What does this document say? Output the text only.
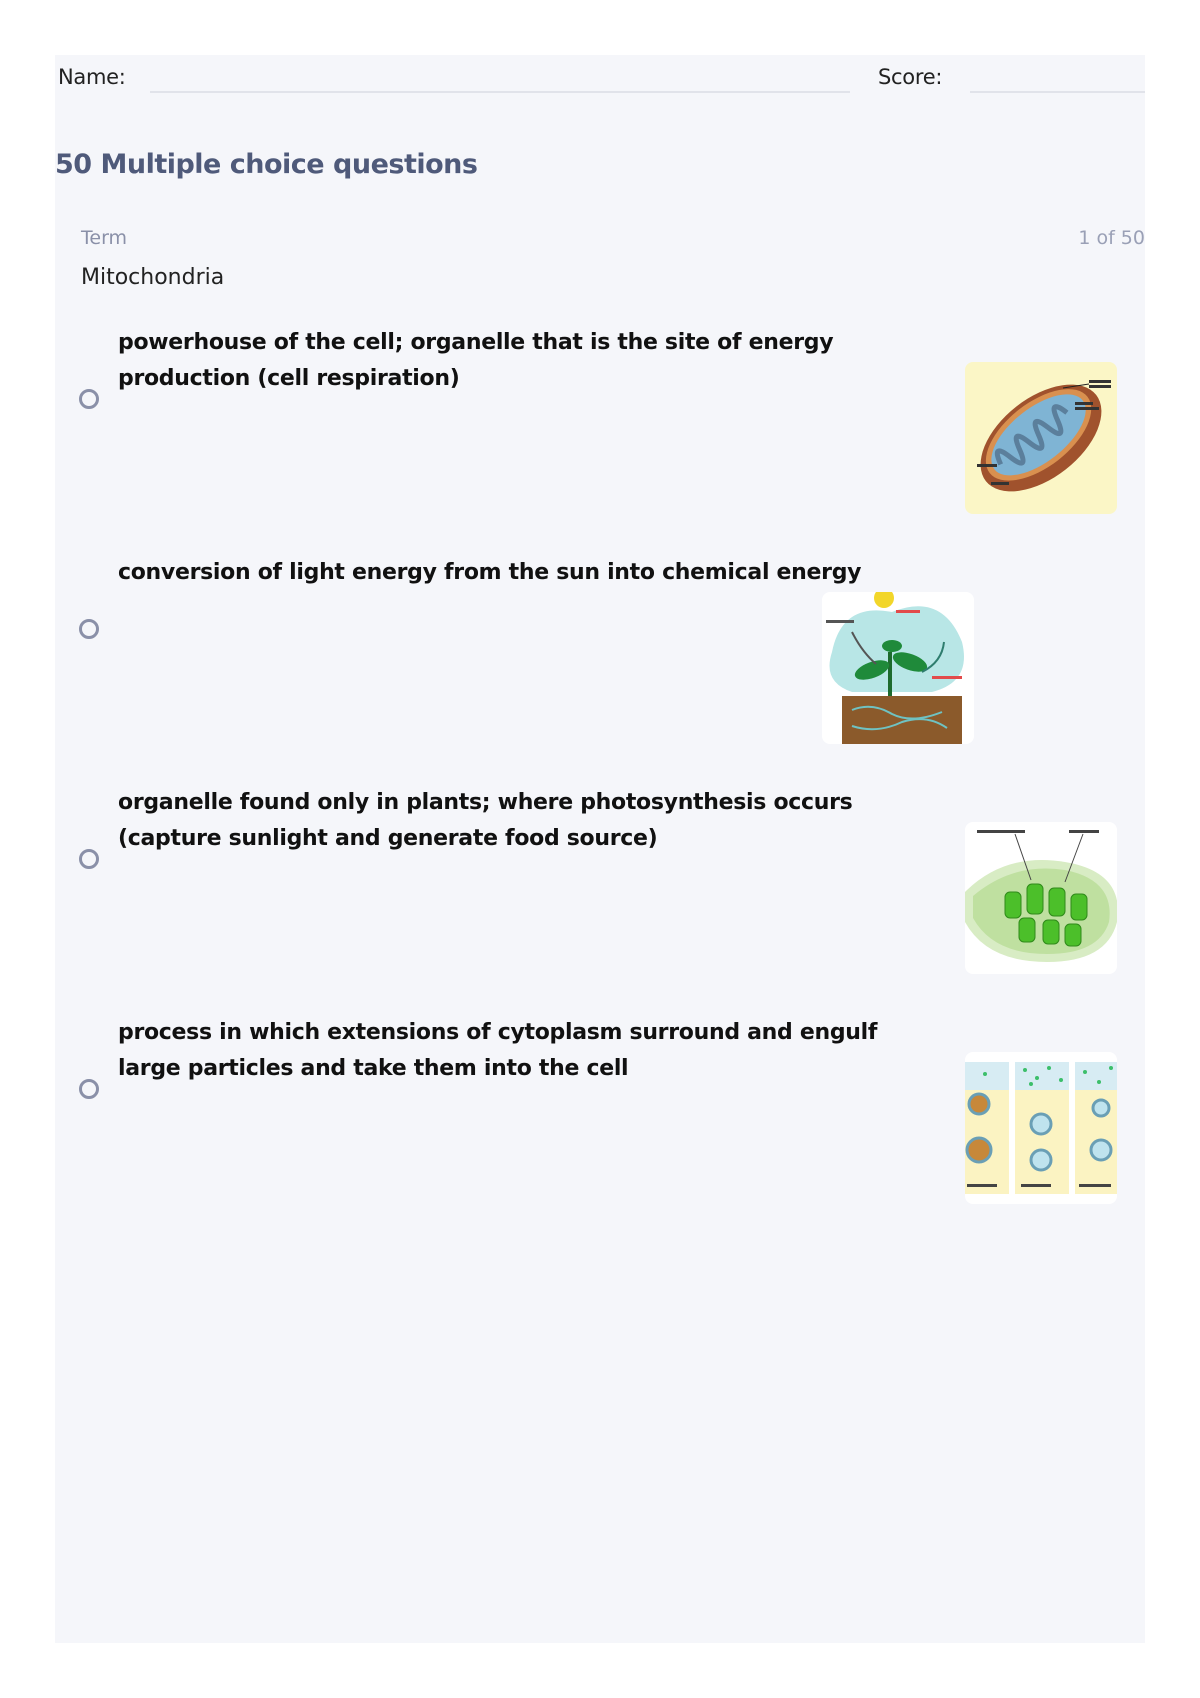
Name:	Score:
50 Multiple choice questions
Term	1 of 50
Mitochondria
powerhouse of the cell; organelle that is the site of energy production (cell respiration)
conversion of light energy from the sun into chemical energy
organelle found only in plants; where photosynthesis occurs (capture sunlight and generate food source)
process in which extensions of cytoplasm surround and engulf large particles and take them into the cell
